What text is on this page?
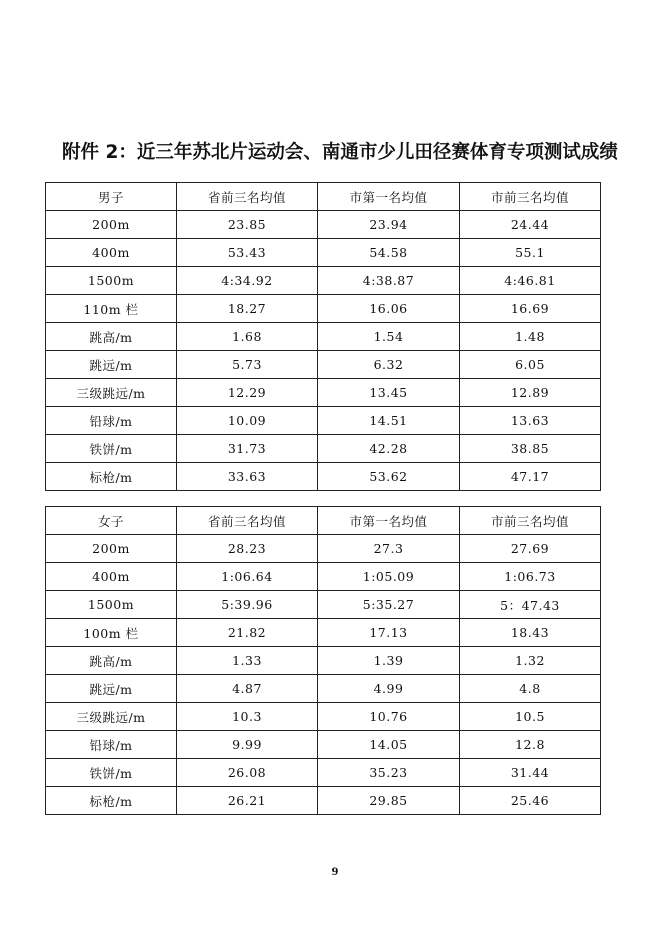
附件 2：近三年苏北片运动会、南通市少儿田径赛体育专项测试成绩
男子	省前三名均值	市第一名均值	市前三名均值
200m	23.85	23.94	24.44
400m	53.43	54.58	55.1
1500m	4:34.92	4:38.87	4:46.81
110m 栏	18.27	16.06	16.69
跳高/m	1.68	1.54	1.48
跳远/m	5.73	6.32	6.05
三级跳远/m	12.29	13.45	12.89
铅球/m	10.09	14.51	13.63
铁饼/m	31.73	42.28	38.85
标枪/m	33.63	53.62	47.17
女子	省前三名均值	市第一名均值	市前三名均值
200m	28.23	27.3	27.69
400m	1:06.64	1:05.09	1:06.73
1500m	5:39.96	5:35.27	5：47.43
100m 栏	21.82	17.13	18.43
跳高/m	1.33	1.39	1.32
跳远/m	4.87	4.99	4.8
三级跳远/m	10.3	10.76	10.5
铅球/m	9.99	14.05	12.8
铁饼/m	26.08	35.23	31.44
标枪/m	26.21	29.85	25.46
9
